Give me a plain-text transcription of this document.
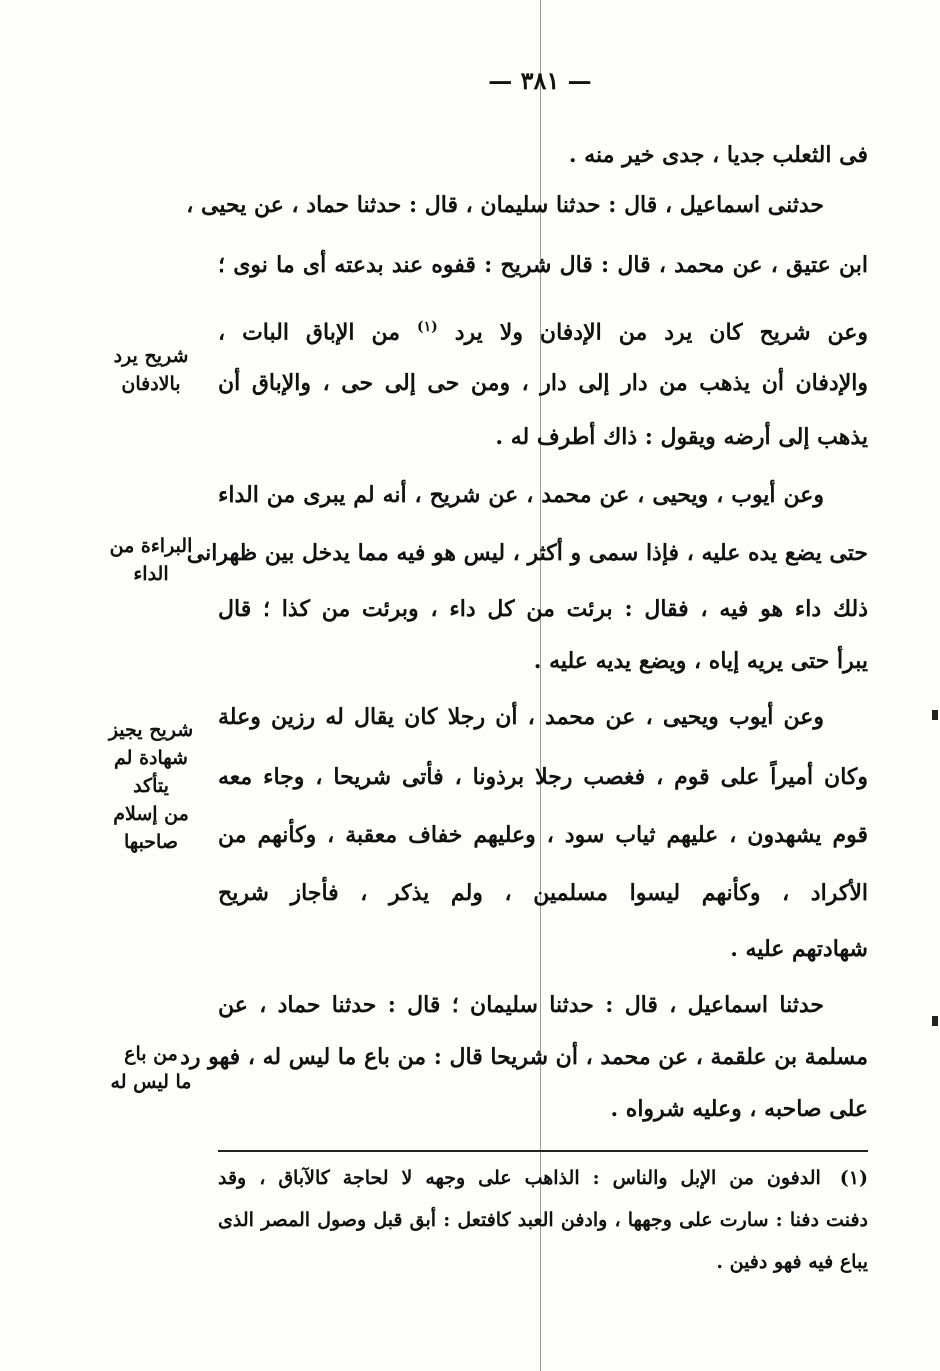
— ٣٨١ —
فى الثعلب جديا ، جدى خير منه .
حدثنى اسماعيل ، قال : حدثنا سليمان ، قال : حدثنا حماد ، عن يحيى ،
ابن عتيق ، عن محمد ، قال : قال شريح : قفوه عند بدعته أى ما نوى ؛
وعن شريح كان يرد من الإدفان ولا يرد $^{(١)}$ من الإباق البات ،
والإدفان أن يذهب من دار إلى دار ، ومن حى إلى حى ، والإباق أن
يذهب إلى أرضه ويقول : ذاك أطرف له .
وعن أيوب ، ويحيى ، عن محمد ، عن شريح ، أنه لم يبرى من الداء
حتى يضع يده عليه ، فإذا سمى و أكثر ، ليس هو فيه مما يدخل بين ظهرانى
ذلك داء هو فيه ، فقال : برئت من كل داء ، وبرئت من كذا ؛ قال
يبرأ حتى يريه إياه ، ويضع يديه عليه .
وعن أيوب ويحيى ، عن محمد ، أن رجلا كان يقال له رزين وعلة
وكان أميراً على قوم ، فغصب رجلا برذونا ، فأتى شريحا ، وجاء معه
قوم يشهدون ، عليهم ثياب سود ، وعليهم خفاف معقبة ، وكأنهم من
الأكراد ، وكأنهم ليسوا مسلمين ، ولم يذكر ، فأجاز شريح
شهادتهم عليه .
حدثنا اسماعيل ، قال : حدثنا سليمان ؛ قال : حدثنا حماد ، عن
مسلمة بن علقمة ، عن محمد ، أن شريحا قال : من باع ما ليس له ، فهو رد
على صاحبه ، وعليه شرواه .
شريح يرد
بالادفان
البراءة من
الداء
شريح يجيز
شهادة لم يتأكد
من إسلام
صاحبها
من باع
ما ليس له
(١) الدفون من الإبل والناس : الذاهب على وجهه لا لحاجة كالآباق ، وقد
دفنت دفنا : سارت على وجهها ، وادفن العبد كافتعل : أبق قبل وصول المصر الذى
يباع فيه فهو دفين .
